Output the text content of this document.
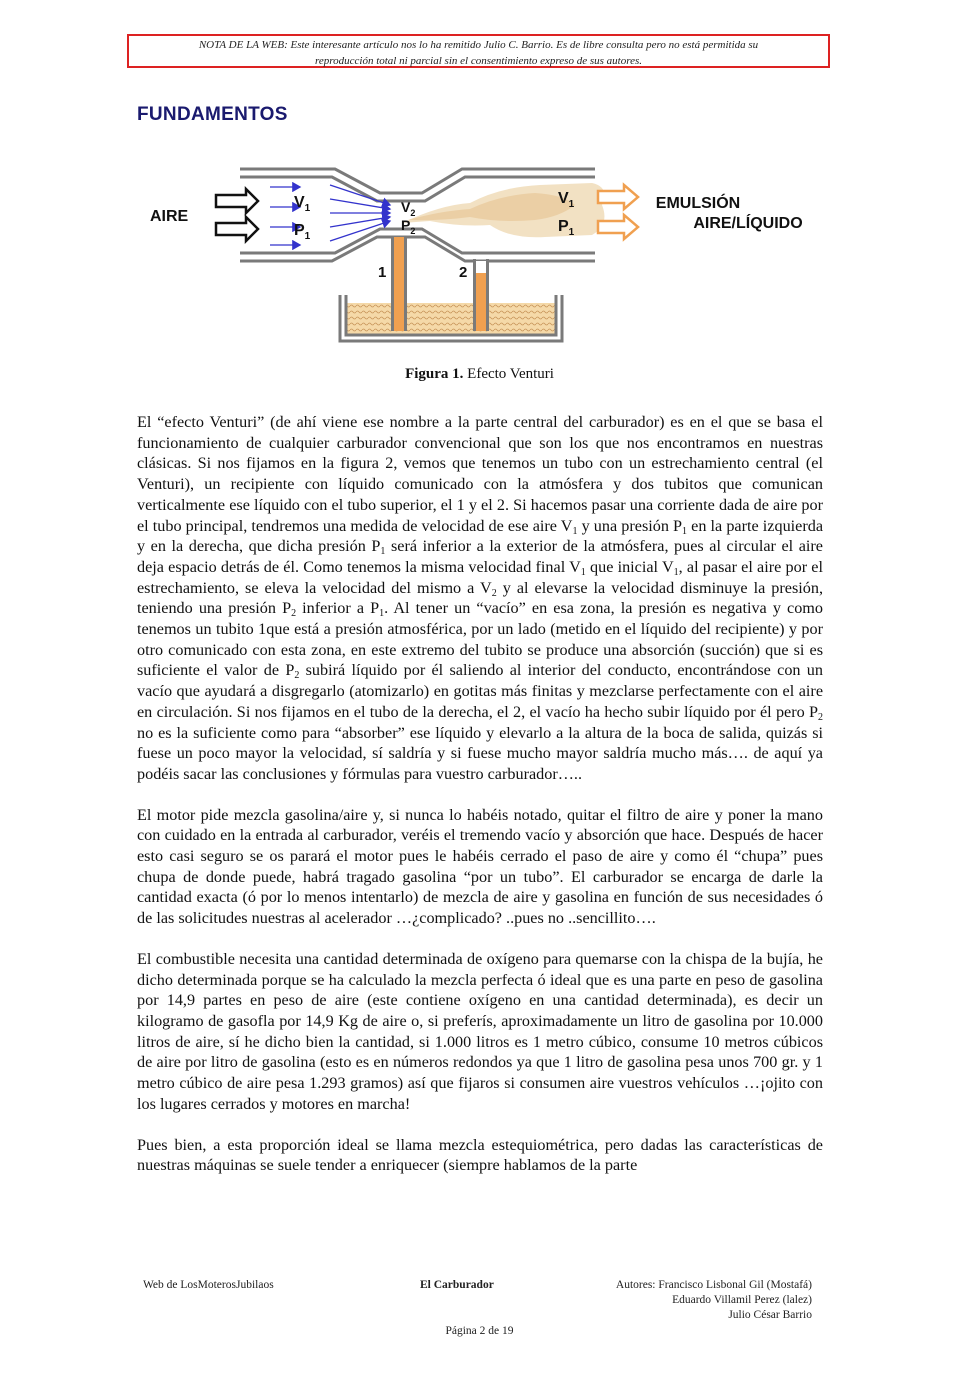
NOTA DE LA WEB: Este interesante artículo nos lo ha remitido Julio C. Barrio. Es de libre consulta pero no está permitida su
reproducción total ni parcial sin el consentimiento expreso de sus autores.
FUNDAMENTOS
AIRE
EMULSIÓN
AIRE/LÍQUIDO
$V_1$
$P_1$
$V_2$
$P_2$
$V_1$
$P_1$
1	2
Figura 1. Efecto Venturi

El “efecto Venturi” (de ahí viene ese nombre a la parte central del carburador) es en el que se basa el funcionamiento de cualquier carburador convencional que son los que nos encontramos en nuestras clásicas. Si nos fijamos en la figura 2, vemos que tenemos un tubo con un estrechamiento central (el Venturi), un recipiente con líquido comunicado con la atmósfera y dos tubitos que comunican verticalmente ese líquido con el tubo superior, el 1 y el 2. Si hacemos pasar una corriente dada de aire por el tubo principal, tendremos una medida de velocidad de ese aire $V_1$ y una presión $P_1$ en la parte izquierda y en la derecha, que dicha presión $P_1$ será inferior a la exterior de la atmósfera, pues al circular el aire deja espacio detrás de él. Como tenemos la misma velocidad final $V_1$ que inicial $V_1$, al pasar el aire por el estrechamiento, se eleva la velocidad del mismo a $V_2$ y al elevarse la velocidad disminuye la presión, teniendo una presión $P_2$ inferior a $P_1$. Al tener un “vacío” en esa zona, la presión es negativa y como tenemos un tubito 1que está a presión atmosférica, por un lado (metido en el líquido del recipiente) y por otro comunicado con esta zona, en este extremo del tubito se produce una absorción (succión) que si es suficiente el valor de $P_2$ subirá líquido por él saliendo al interior del conducto, encontrándose con un vacío que ayudará a disgregarlo (atomizarlo) en gotitas más finitas y mezclarse perfectamente con el aire en circulación. Si nos fijamos en el tubo de la derecha, el 2, el vacío ha hecho subir líquido por él pero $P_2$ no es la suficiente como para “absorber” ese líquido y elevarlo a la altura de la boca de salida, quizás si fuese un poco mayor la velocidad, sí saldría y si fuese mucho mayor saldría mucho más…. de aquí ya podéis sacar las conclusiones y fórmulas para vuestro carburador…..

El motor pide mezcla gasolina/aire y, si nunca lo habéis notado, quitar el filtro de aire y poner la mano con cuidado en la entrada al carburador, veréis el tremendo vacío y absorción que hace. Después de hacer esto casi seguro se os parará el motor pues le habéis cerrado el paso de aire y como él “chupa” pues chupa de donde puede, habrá tragado gasolina “por un tubo”. El carburador se encarga de darle la cantidad exacta (ó por lo menos intentarlo) de mezcla de aire y gasolina en función de sus necesidades ó de las solicitudes nuestras al acelerador …¿complicado? ..pues no ..sencillito….

El combustible necesita una cantidad determinada de oxígeno para quemarse con la chispa de la bujía, he dicho determinada porque se ha calculado la mezcla perfecta ó ideal que es una parte en peso de gasolina por 14,9 partes en peso de aire (este contiene oxígeno en una cantidad determinada), es decir un kilogramo de gasofla por 14,9 Kg de aire o, si preferís, aproximadamente un litro de gasolina por 10.000 litros de aire, sí he dicho bien la cantidad, si 1.000 litros es 1 metro cúbico, consume 10 metros cúbicos de aire por litro de gasolina (esto es en números redondos ya que 1 litro de gasolina pesa unos 700 gr. y 1 metro cúbico de aire pesa 1.293 gramos) así que fijaros si consumen aire vuestros vehículos …¡ojito con los lugares cerrados y motores en marcha!

Pues bien, a esta proporción ideal se llama mezcla estequiométrica, pero dadas las características de nuestras máquinas se suele tender a enriquecer (siempre hablamos de la parte

Web de LosMoterosJubilaos	El Carburador	Autores: Francisco Lisbonal Gil (Mostafá)
Eduardo Villamil Perez (lalez)
Julio César Barrio
Página 2 de 19
